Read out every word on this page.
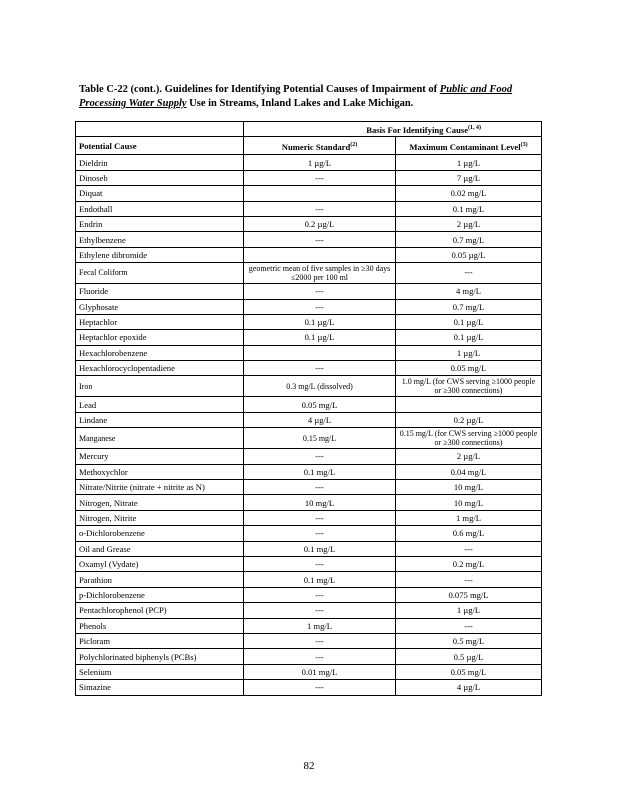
Table C-22 (cont.). Guidelines for Identifying Potential Causes of Impairment of Public and Food Processing Water Supply Use in Streams, Inland Lakes and Lake Michigan.
	Basis For Identifying Cause$^{(1, 4)}$
Potential Cause	Numeric Standard$^{(2)}$	Maximum Contaminant Level$^{(3)}$
Dieldrin	1 µg/L	1 µg/L
Dinoseb	---	7 µg/L
Diquat		0.02 mg/L
Endothall	---	0.1 mg/L
Endrin	0.2 µg/L	2 µg/L
Ethylbenzene	---	0.7 mg/L
Ethylene dibromide		0.05 µg/L
Fecal Coliform	geometric mean of five samples in ≥30 days ≤2000 per 100 ml	---
Fluoride	---	4 mg/L
Glyphosate	---	0.7 mg/L
Heptachlor	0.1 µg/L	0.1 µg/L
Heptachlor epoxide	0.1 µg/L	0.1 µg/L
Hexachlorobenzene		1 µg/L
Hexachlorocyclopentadiene	---	0.05 mg/L
Iron	0.3 mg/L (dissolved)	1.0 mg/L (for CWS serving ≥1000 people or ≥300 connections)
Lead	0.05 mg/L	
Lindane	4 µg/L	0.2 µg/L
Manganese	0.15 mg/L	0.15 mg/L (for CWS serving ≥1000 people or ≥300 connections)
Mercury	---	2 µg/L
Methoxychlor	0.1 mg/L	0.04 mg/L
Nitrate/Nitrite (nitrate + nitrite as N)	---	10 mg/L
Nitrogen, Nitrate	10 mg/L	10 mg/L
Nitrogen, Nitrite	---	1 mg/L
o-Dichlorobenzene	---	0.6 mg/L
Oil and Grease	0.1 mg/L	---
Oxamyl (Vydate)	---	0.2 mg/L
Parathion	0.1 mg/L	---
p-Dichlorobenzene	---	0.075 mg/L
Pentachlorophenol (PCP)	---	1 µg/L
Phenols	1 mg/L	---
Picloram	---	0.5 mg/L
Polychlorinated biphenyls (PCBs)	---	0.5 µg/L
Selenium	0.01 mg/L	0.05 mg/L
Simazine	---	4 µg/L
82
